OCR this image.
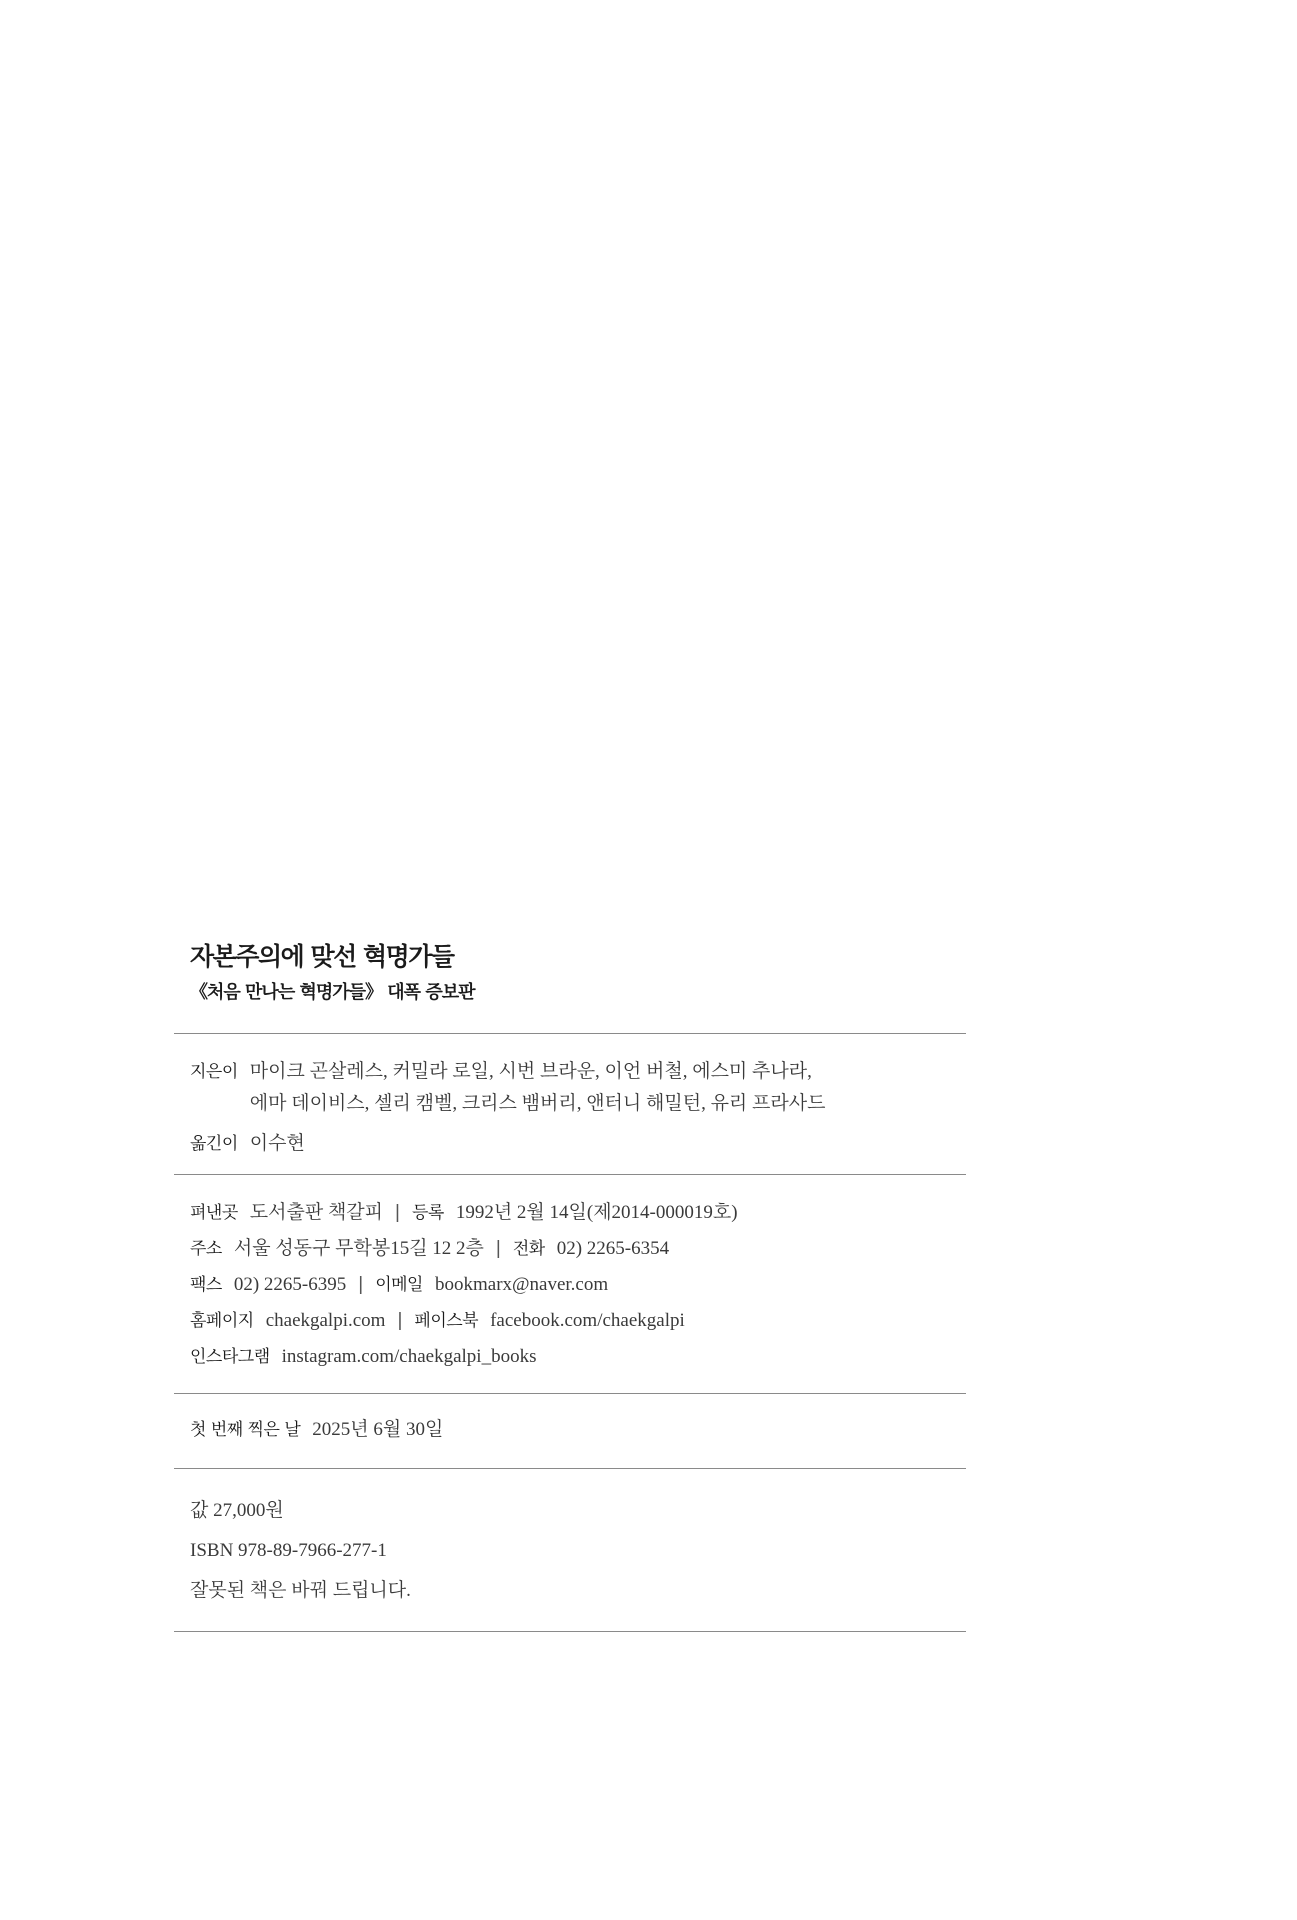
자본주의에 맞선 혁명가들
《처음 만나는 혁명가들》 대폭 증보판
지은이 마이크 곤살레스, 커밀라 로일, 시번 브라운, 이언 버철, 에스미 추나라,
에마 데이비스, 셀리 캠벨, 크리스 뱀버리, 앤터니 해밀턴, 유리 프라사드
옮긴이 이수현
펴낸곳 도서출판 책갈피 | 등록 1992년 2월 14일(제2014-000019호)
주소 서울 성동구 무학봉15길 12 2층 | 전화 02) 2265-6354
팩스 02) 2265-6395 | 이메일 bookmarx@naver.com
홈페이지 chaekgalpi.com | 페이스북 facebook.com/chaekgalpi
인스타그램 instagram.com/chaekgalpi_books
첫 번째 찍은 날 2025년 6월 30일
값 27,000원
ISBN 978-89-7966-277-1
잘못된 책은 바꿔 드립니다.
